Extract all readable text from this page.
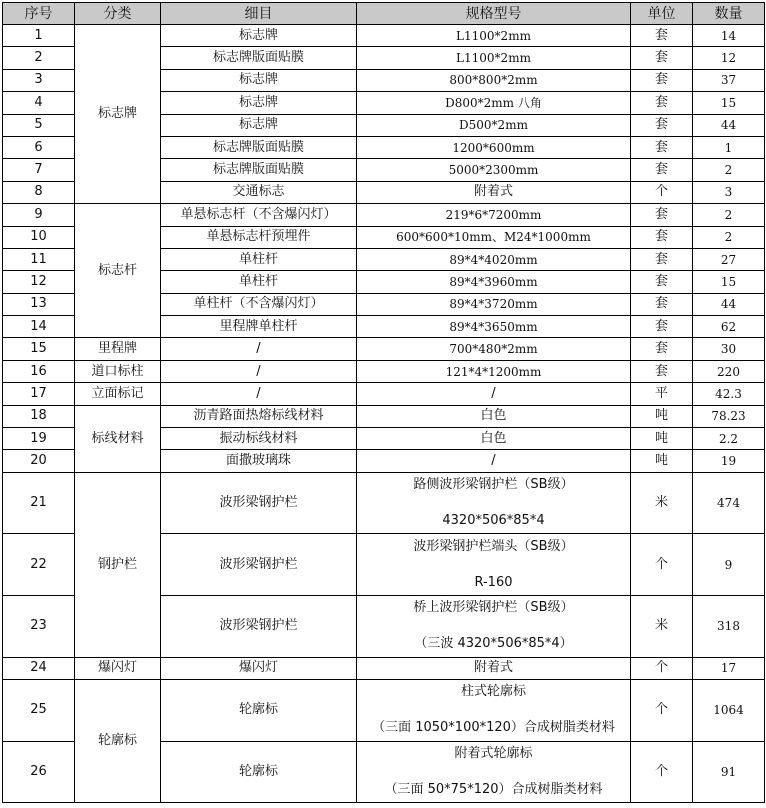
序号	分类	细目	规格型号	单位	数量
1	标志牌	标志牌	L1100*2mm	套	14
2		标志牌版面贴膜	L1100*2mm	套	12
3		标志牌	800*800*2mm	套	37
4		标志牌	D800*2mm 八角	套	15
5		标志牌	D500*2mm	套	44
6		标志牌版面贴膜	1200*600mm	套	1
7		标志牌版面贴膜	5000*2300mm	套	2
8		交通标志	附着式	个	3
9	标志杆	单悬标志杆（不含爆闪灯）	219*6*7200mm	套	2
10		单悬标志杆预埋件	600*600*10mm、M24*1000mm	套	2
11		单柱杆	89*4*4020mm	套	27
12		单柱杆	89*4*3960mm	套	15
13		单柱杆（不含爆闪灯）	89*4*3720mm	套	44
14		里程牌单柱杆	89*4*3650mm	套	62
15	里程牌	/	700*480*2mm	套	30
16	道口标柱	/	121*4*1200mm	套	220
17	立面标记	/	/	平	42.3
18	标线材料	沥青路面热熔标线材料	白色	吨	78.23
19		振动标线材料	白色	吨	2.2
20		面撒玻璃珠	/	吨	19
21	钢护栏	波形梁钢护栏	路侧波形梁钢护栏（SB级）
4320*506*85*4	米	474
22		波形梁钢护栏	波形梁钢护栏端头（SB级）
R-160	个	9
23		波形梁钢护栏	桥上波形梁钢护栏（SB级）
（三波 4320*506*85*4）	米	318
24	爆闪灯	爆闪灯	附着式	个	17
25	轮廓标	轮廓标	柱式轮廓标
（三面 1050*100*120）合成树脂类材料	个	1064
26		轮廓标	附着式轮廓标
（三面 50*75*120）合成树脂类材料	个	91
